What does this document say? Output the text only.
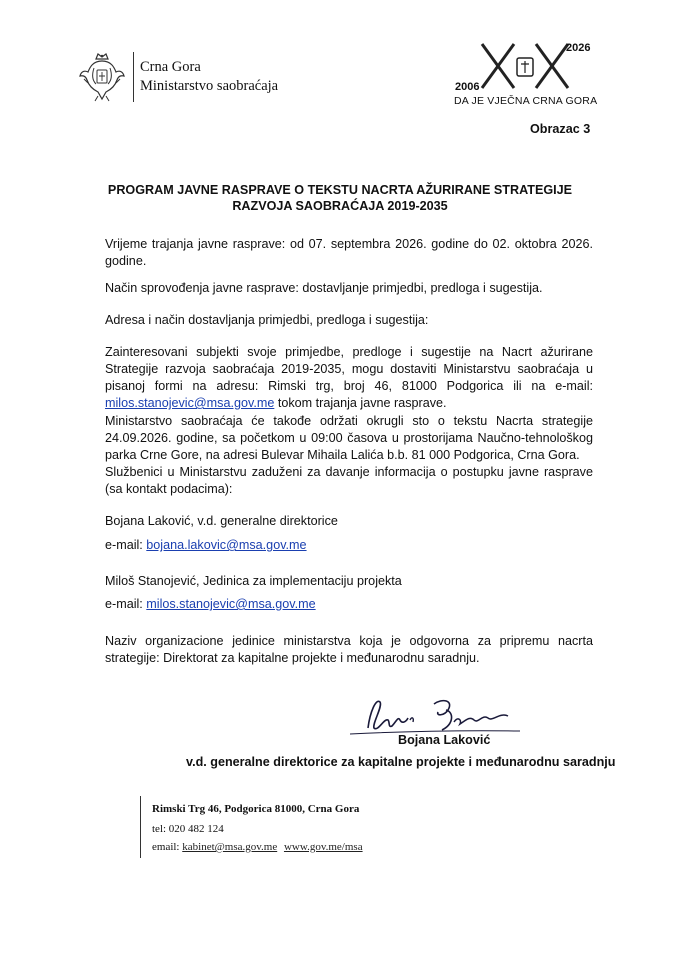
Crna Gora
Ministarstvo saobraćaja
2026
2006
DA JE VJEČNA CRNA GORA
Obrazac 3
PROGRAM JAVNE RASPRAVE O TEKSTU NACRTA AŽURIRANE STRATEGIJE
RAZVOJA SAOBRAĆAJA 2019-2035
Vrijeme trajanja javne rasprave: od 07. septembra 2026. godine do 02. oktobra 2026. godine.
Način sprovođenja javne rasprave: dostavljanje primjedbi, predloga i sugestija.
Adresa i način dostavljanja primjedbi, predloga i sugestija:
Zainteresovani subjekti svoje primjedbe, predloge i sugestije na Nacrt ažurirane Strategije razvoja saobraćaja 2019-2035, mogu dostaviti Ministarstvu saobraćaja u pisanoj formi na adresu: Rimski trg, broj 46, 81000 Podgorica ili na e-mail: milos.stanojevic@msa.gov.me tokom trajanja javne rasprave.
Ministarstvo saobraćaja će takođe održati okrugli sto o tekstu Nacrta strategije 24.09.2026. godine, sa početkom u 09:00 časova u prostorijama Naučno-tehnološkog parka Crne Gore, na adresi Bulevar Mihaila Lalića b.b. 81 000 Podgorica, Crna Gora.
Službenici u Ministarstvu zaduženi za davanje informacija o postupku javne rasprave (sa kontakt podacima):
Bojana Laković, v.d. generalne direktorice
e-mail: bojana.lakovic@msa.gov.me
Miloš Stanojević, Jedinica za implementaciju projekta
e-mail: milos.stanojevic@msa.gov.me
Naziv organizacione jedinice ministarstva koja je odgovorna za pripremu nacrta strategije: Direktorat za kapitalne projekte i međunarodnu saradnju.
Bojana Laković
v.d. generalne direktorice za kapitalne projekte i međunarodnu saradnju
Rimski Trg 46, Podgorica 81000, Crna Gora
tel: 020 482 124
email: kabinet@msa.gov.me www.gov.me/msa
